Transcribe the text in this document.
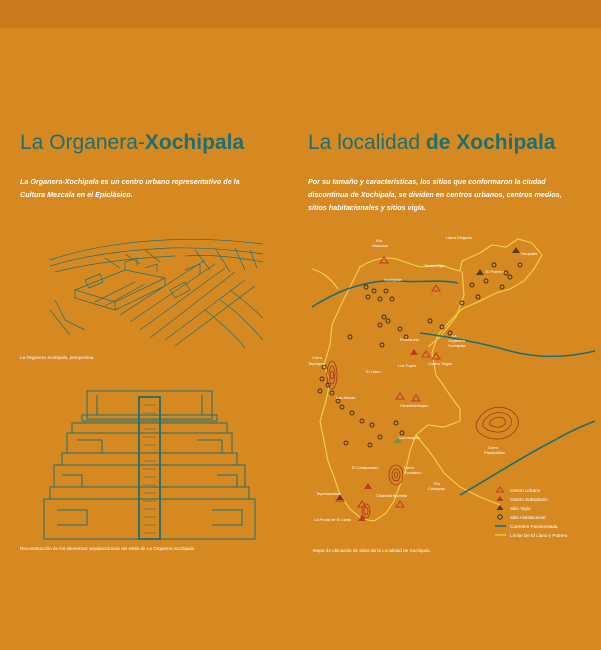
La Organera-Xochipala
La Organera-Xochipala es un centro urbano representativo de la Cultura Mezcala en el Epiclásico.
La Organera Xochipala, perspectiva.
Reconstrucción de los elementos arquitectónicos del estilo de La Organera Xochipala
La localidad de Xochipala
Por su tamaño y características, los sitios que conformaron la ciudad discontinua de Xochipala, se dividen en centros urbanos, centros medios, sitios habitacionales y sitios vigía.
Río
Huacapa
Llano Delgado
Tlanipatla
Xochipala
Tenanzingo
El Potrero
Cerro
Tepetlyan
Portezuelo
La
Organera
Xochipala
Los Topes	Cuatro Vagas
El Llano
Las Mesas
Ohuitzilzintepec
Comonapan
El Campanario	Cerro
Xocaltecu
Cerro
Papalotitlan
Tepemacatlan	Chalchichiluchitla
Río
Coloapan
La Punta de El Llano
Centro Urbano
Centro Subsidiario
Sitio Vigía
Sitio Habitacional
Carretera Pavimentada
Límite De El Llano y Potrero
Mapa de ubicación de sitios de la Localidad de Xochipala.
